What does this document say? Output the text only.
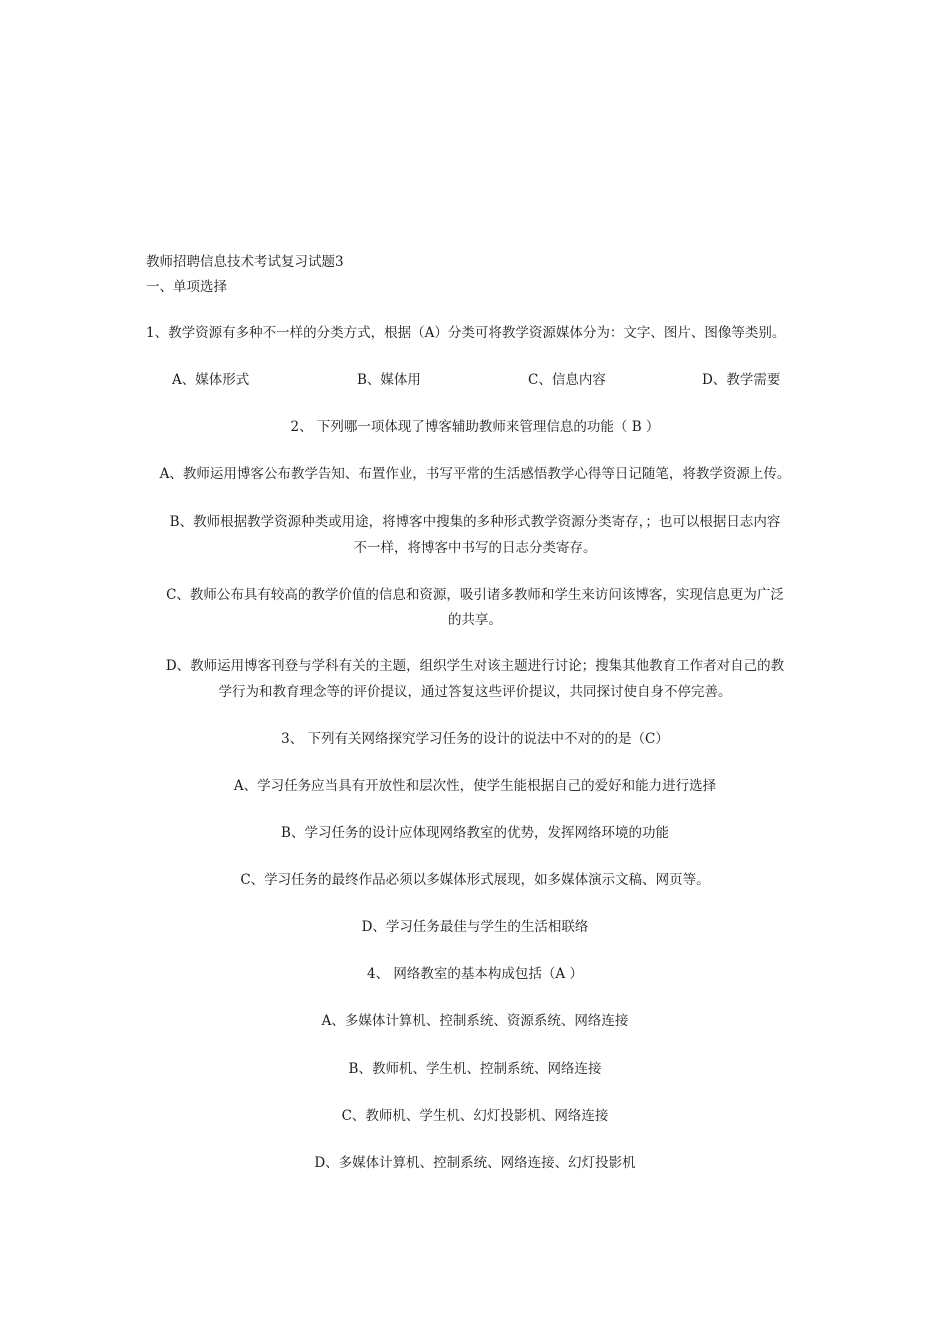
教师招聘信息技术考试复习试题3
一、单项选择
1、教学资源有多种不一样的分类方式，根据（A）分类可将教学资源媒体分为：文字、图片、图像等类别。
A、媒体形式	B、媒体用	C、信息内容	D、教学需要
2、 下列哪一项体现了博客辅助教师来管理信息的功能（ B ）
A、教师运用博客公布教学告知、布置作业，书写平常的生活感悟教学心得等日记随笔，将教学资源上传。
B、教师根据教学资源种类或用途，将博客中搜集的多种形式教学资源分类寄存，；也可以根据日志内容
不一样，将博客中书写的日志分类寄存。
C、教师公布具有较高的教学价值的信息和资源，吸引诸多教师和学生来访问该博客，实现信息更为广泛
的共享。
D、教师运用博客刊登与学科有关的主题，组织学生对该主题进行讨论；搜集其他教育工作者对自己的教
学行为和教育理念等的评价提议，通过答复这些评价提议，共同探讨使自身不停完善。
3、 下列有关网络探究学习任务的设计的说法中不对的的是（C）
A、学习任务应当具有开放性和层次性，使学生能根据自己的爱好和能力进行选择
B、学习任务的设计应体现网络教室的优势，发挥网络环境的功能
C、学习任务的最终作品必须以多媒体形式展现，如多媒体演示文稿、网页等。
D、学习任务最佳与学生的生活相联络
4、 网络教室的基本构成包括（A ）
A、多媒体计算机、控制系统、资源系统、网络连接
B、教师机、学生机、控制系统、网络连接
C、教师机、学生机、幻灯投影机、网络连接
D、多媒体计算机、控制系统、网络连接、幻灯投影机
